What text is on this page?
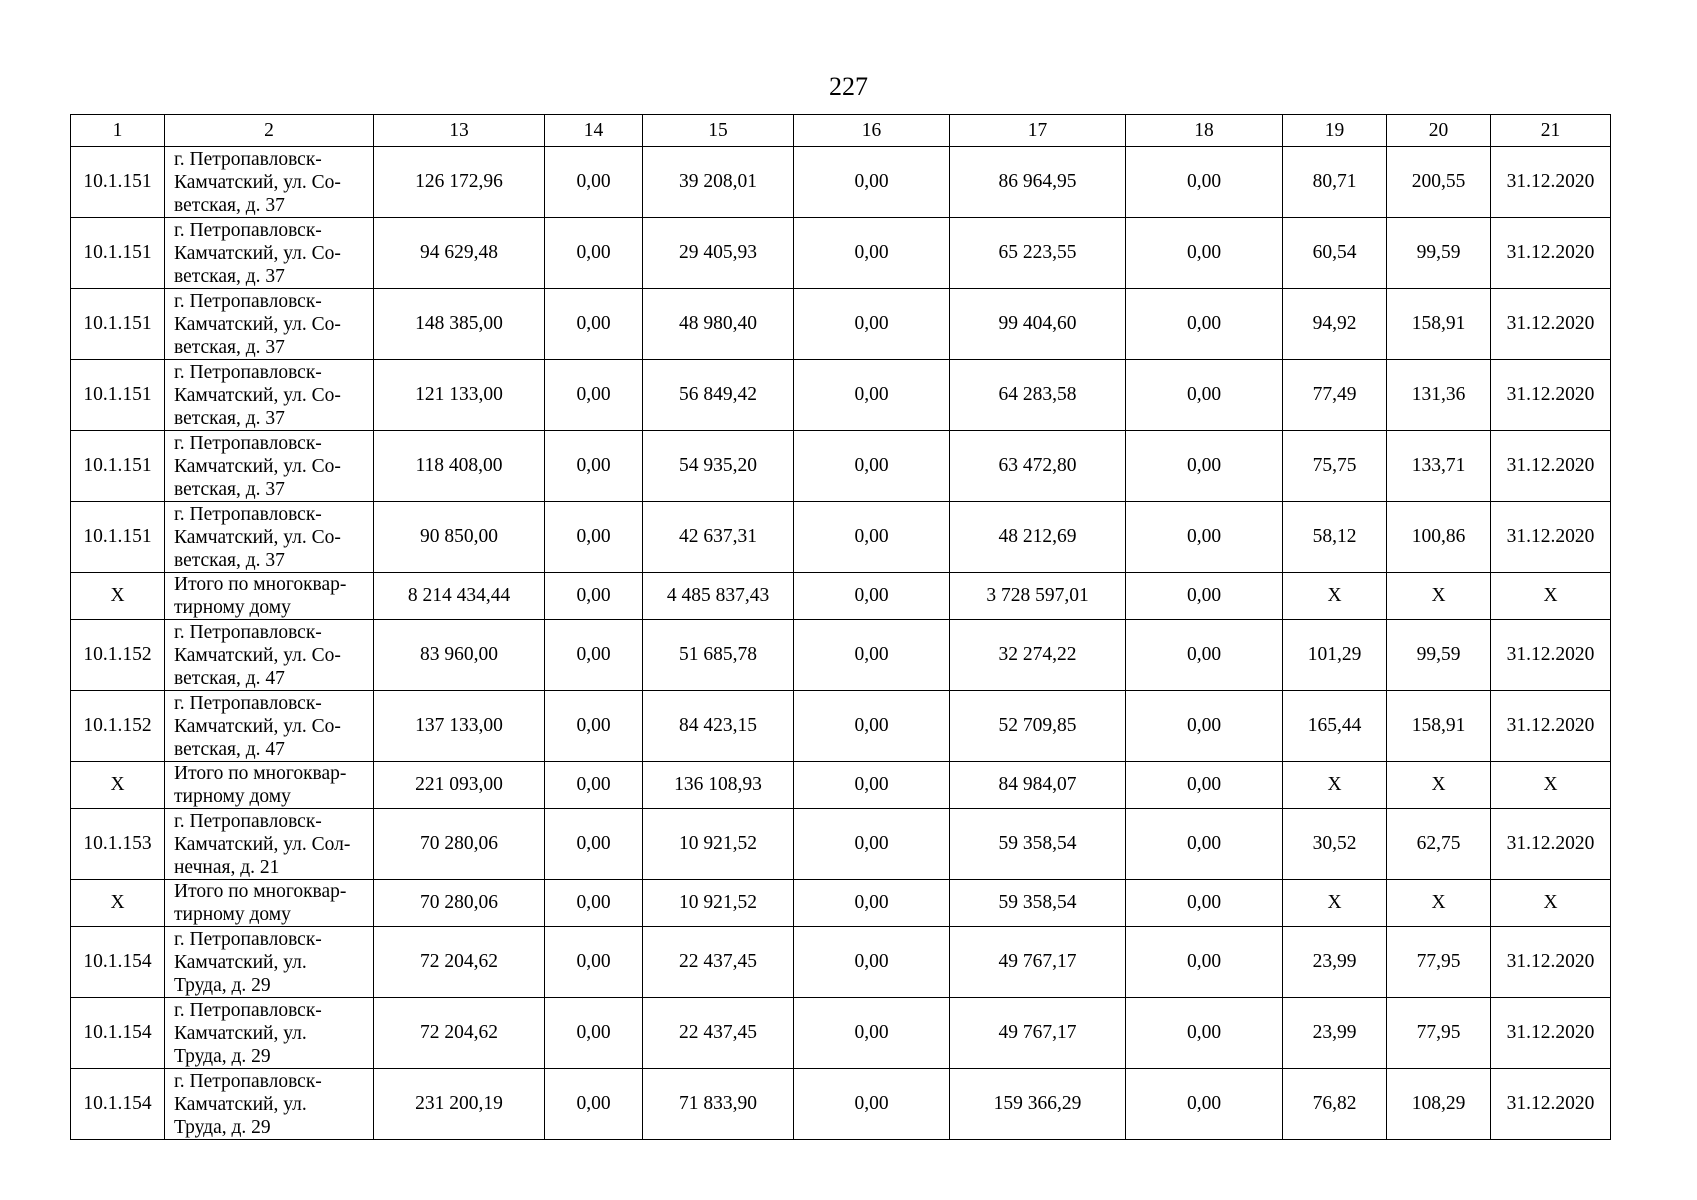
227
1	2	13	14	15	16	17	18	19	20	21
10.1.151	г. Петропавловск-
Камчатский, ул. Со-
ветская, д. 37	126 172,96	0,00	39 208,01	0,00	86 964,95	0,00	80,71	200,55	31.12.2020
10.1.151	г. Петропавловск-
Камчатский, ул. Со-
ветская, д. 37	94 629,48	0,00	29 405,93	0,00	65 223,55	0,00	60,54	99,59	31.12.2020
10.1.151	г. Петропавловск-
Камчатский, ул. Со-
ветская, д. 37	148 385,00	0,00	48 980,40	0,00	99 404,60	0,00	94,92	158,91	31.12.2020
10.1.151	г. Петропавловск-
Камчатский, ул. Со-
ветская, д. 37	121 133,00	0,00	56 849,42	0,00	64 283,58	0,00	77,49	131,36	31.12.2020
10.1.151	г. Петропавловск-
Камчатский, ул. Со-
ветская, д. 37	118 408,00	0,00	54 935,20	0,00	63 472,80	0,00	75,75	133,71	31.12.2020
10.1.151	г. Петропавловск-
Камчатский, ул. Со-
ветская, д. 37	90 850,00	0,00	42 637,31	0,00	48 212,69	0,00	58,12	100,86	31.12.2020
X	Итого по многоквар-
тирному дому	8 214 434,44	0,00	4 485 837,43	0,00	3 728 597,01	0,00	X	X	X
10.1.152	г. Петропавловск-
Камчатский, ул. Со-
ветская, д. 47	83 960,00	0,00	51 685,78	0,00	32 274,22	0,00	101,29	99,59	31.12.2020
10.1.152	г. Петропавловск-
Камчатский, ул. Со-
ветская, д. 47	137 133,00	0,00	84 423,15	0,00	52 709,85	0,00	165,44	158,91	31.12.2020
X	Итого по многоквар-
тирному дому	221 093,00	0,00	136 108,93	0,00	84 984,07	0,00	X	X	X
10.1.153	г. Петропавловск-
Камчатский, ул. Сол-
нечная, д. 21	70 280,06	0,00	10 921,52	0,00	59 358,54	0,00	30,52	62,75	31.12.2020
X	Итого по многоквар-
тирному дому	70 280,06	0,00	10 921,52	0,00	59 358,54	0,00	X	X	X
10.1.154	г. Петропавловск-
Камчатский, ул.
Труда, д. 29	72 204,62	0,00	22 437,45	0,00	49 767,17	0,00	23,99	77,95	31.12.2020
10.1.154	г. Петропавловск-
Камчатский, ул.
Труда, д. 29	72 204,62	0,00	22 437,45	0,00	49 767,17	0,00	23,99	77,95	31.12.2020
10.1.154	г. Петропавловск-
Камчатский, ул.
Труда, д. 29	231 200,19	0,00	71 833,90	0,00	159 366,29	0,00	76,82	108,29	31.12.2020
